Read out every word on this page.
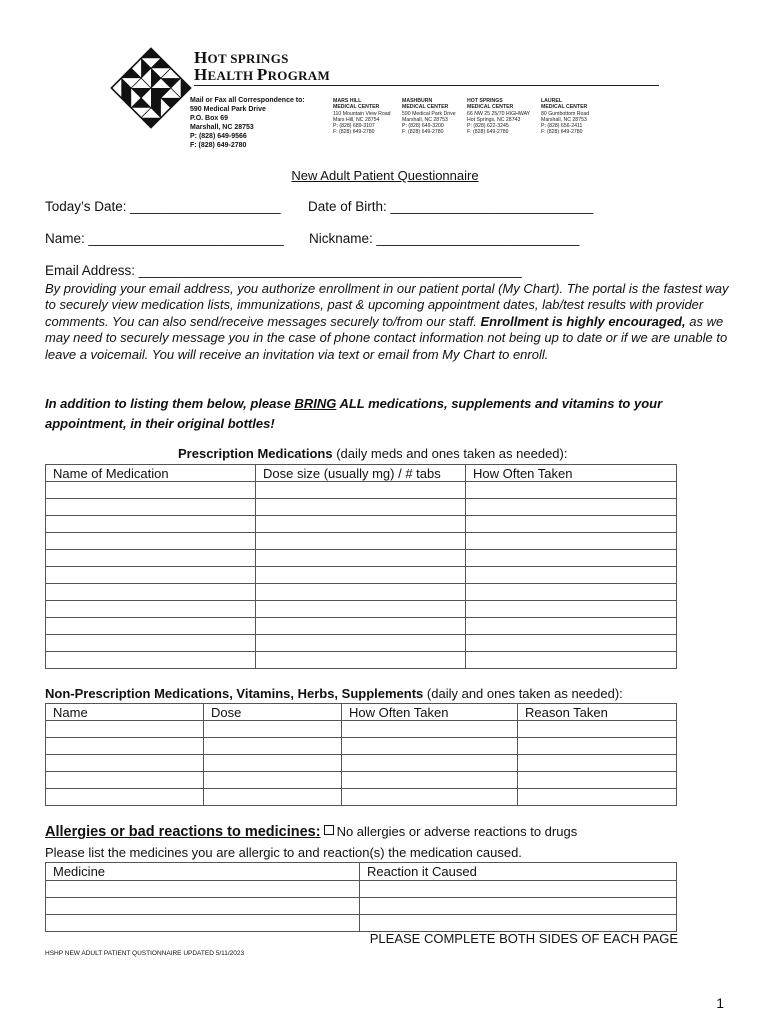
HOT SPRINGS
HEALTH PROGRAM
Mail or Fax all Correspondence to:
590 Medical Park Drive
P.O. Box 69
Marshall, NC 28753
P: (828) 649-9566
F: (828) 649-2780
MARS HILL
MEDICAL CENTER
110 Mountain View Road
Mars Hill, NC 28754
P: (828) 689-3107
F: (828) 649-2780
MASHBURN
MEDICAL CENTER
590 Medical Park Drive
Marshall, NC 28753
P: (828) 649-3200
F: (828) 649-2780
HOT SPRINGS
MEDICAL CENTER
66 NW 25 25/70 HIGHWAY
Hot Springs, NC 28743
P: (828) 622-3245
F: (828) 649-2780
LAUREL
MEDICAL CENTER
80 Gumbottom Road
Marshall, NC 28753
P: (828) 656-2411
F: (828) 649-2780
New Adult Patient Questionnaire
Today’s Date: ____________________ Date of Birth: ___________________________
Name: __________________________ Nickname: ___________________________
Email Address: ___________________________________________________
By providing your email address, you authorize enrollment in our patient portal (My Chart). The portal is the fastest way to securely view medication lists, immunizations, past & upcoming appointment dates, lab/test results with provider comments. You can also send/receive messages securely to/from our staff. Enrollment is highly encouraged, as we may need to securely message you in the case of phone contact information not being up to date or if we are unable to leave a voicemail. You will receive an invitation via text or email from My Chart to enroll.
In addition to listing them below, please BRING ALL medications, supplements and vitamins to your appointment, in their original bottles!
Prescription Medications (daily meds and ones taken as needed):
Name of Medication	Dose size (usually mg) / # tabs	How Often Taken

Non-Prescription Medications, Vitamins, Herbs, Supplements (daily and ones taken as needed):
Name	Dose	How Often Taken	Reason Taken

Allergies or bad reactions to medicines: No allergies or adverse reactions to drugs
Please list the medicines you are allergic to and reaction(s) the medication caused.
Medicine	Reaction it Caused

PLEASE COMPLETE BOTH SIDES OF EACH PAGE
HSHP NEW ADULT PATIENT QUSTIONNAIRE UPDATED 5/11/2023
1
